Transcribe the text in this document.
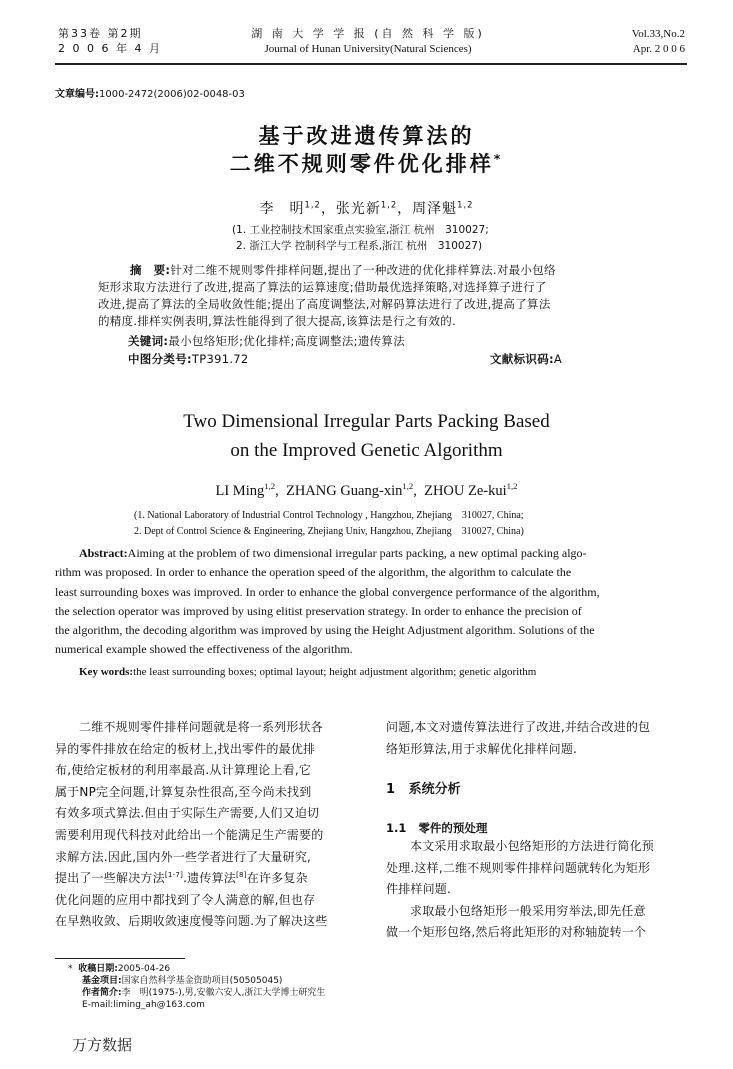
第33卷 第2期
2 0 0 6 年 4 月
湖 南 大 学 学 报 (自 然 科 学 版)
Journal of Hunan University(Natural Sciences)
Vol.33,No.2
Apr. 2 0 0 6
文章编号:1000-2472(2006)02-0048-03
基于改进遗传算法的
二维不规则零件优化排样*
李　明$^{1,2}$，张光新$^{1,2}$，周泽魁$^{1,2}$
(1. 工业控制技术国家重点实验室,浙江 杭州　310027;
2. 浙江大学 控制科学与工程系,浙江 杭州　310027)
摘　要:针对二维不规则零件排样问题,提出了一种改进的优化排样算法.对最小包络
矩形求取方法进行了改进,提高了算法的运算速度;借助最优选择策略,对选择算子进行了
改进,提高了算法的全局收敛性能;提出了高度调整法,对解码算法进行了改进,提高了算法
的精度.排样实例表明,算法性能得到了很大提高,该算法是行之有效的.
关键词:最小包络矩形;优化排样;高度调整法;遗传算法
中图分类号:TP391.72	文献标识码:A
Two Dimensional Irregular Parts Packing Based
on the Improved Genetic Algorithm
LI Ming$^{1,2}$,  ZHANG Guang-xin$^{1,2}$,  ZHOU Ze-kui$^{1,2}$
(1. National Laboratory of Industrial Control Technology , Hangzhou, Zhejiang　310027, China;
2. Dept of Control Science & Engineering, Zhejiang Univ, Hangzhou, Zhejiang　310027, China)
Abstract:Aiming at the problem of two dimensional irregular parts packing, a new optimal packing algo-
rithm was proposed. In order to enhance the operation speed of the algorithm, the algorithm to calculate the
least surrounding boxes was improved. In order to enhance the global convergence performance of the algorithm,
the selection operator was improved by using elitist preservation strategy. In order to enhance the precision of
the algorithm, the decoding algorithm was improved by using the Height Adjustment algorithm. Solutions of the
numerical example showed the effectiveness of the algorithm.
Key words:the least surrounding boxes; optimal layout; height adjustment algorithm; genetic algorithm
二维不规则零件排样问题就是将一系列形状各
异的零件排放在给定的板材上,找出零件的最优排
布,使给定板材的利用率最高.从计算理论上看,它
属于NP完全问题,计算复杂性很高,至今尚未找到
有效多项式算法.但由于实际生产需要,人们又迫切
需要利用现代科技对此给出一个能满足生产需要的
求解方法.因此,国内外一些学者进行了大量研究,
提出了一些解决方法[1-7].遗传算法[8]在许多复杂
优化问题的应用中都找到了令人满意的解,但也存
在早熟收敛、后期收敛速度慢等问题.为了解决这些
问题,本文对遗传算法进行了改进,并结合改进的包
络矩形算法,用于求解优化排样问题.
1 系统分析
1.1 零件的预处理
本文采用求取最小包络矩形的方法进行简化预
处理.这样,二维不规则零件排样问题就转化为矩形
件排样问题.
求取最小包络矩形一般采用穷举法,即先任意
做一个矩形包络,然后将此矩形的对称轴旋转一个
* 收稿日期:2005-04-26
基金项目:国家自然科学基金资助项目(50505045)
作者简介:李　明(1975-),男,安徽六安人,浙江大学博士研究生
E-mail:liming_ah@163.com
万方数据
